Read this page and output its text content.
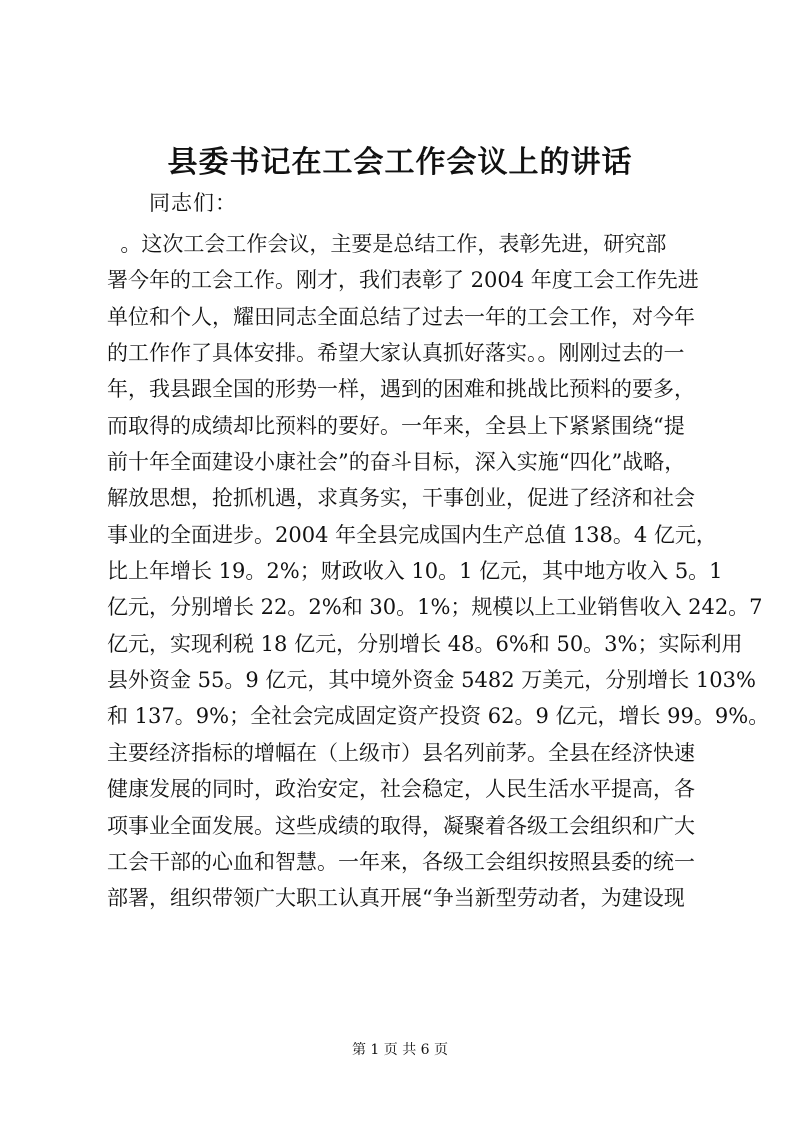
县委书记在工会工作会议上的讲话
同志们：
。这次工会工作会议，主要是总结工作，表彰先进，研究部
署今年的工会工作。刚才，我们表彰了 2004 年度工会工作先进
单位和个人，耀田同志全面总结了过去一年的工会工作，对今年
的工作作了具体安排。希望大家认真抓好落实。。刚刚过去的一
年，我县跟全国的形势一样，遇到的困难和挑战比预料的要多，
而取得的成绩却比预料的要好。一年来，全县上下紧紧围绕“提
前十年全面建设小康社会”的奋斗目标，深入实施“四化”战略，
解放思想，抢抓机遇，求真务实，干事创业，促进了经济和社会
事业的全面进步。2004 年全县完成国内生产总值 138。4 亿元，
比上年增长 19。2%；财政收入 10。1 亿元，其中地方收入 5。1
亿元，分别增长 22。2%和 30。1%；规模以上工业销售收入 242。7
亿元，实现利税 18 亿元，分别增长 48。6%和 50。3%；实际利用
县外资金 55。9 亿元，其中境外资金 5482 万美元，分别增长 103%
和 137。9%；全社会完成固定资产投资 62。9 亿元，增长 99。9%。
主要经济指标的增幅在（上级市）县名列前茅。全县在经济快速
健康发展的同时，政治安定，社会稳定，人民生活水平提高，各
项事业全面发展。这些成绩的取得，凝聚着各级工会组织和广大
工会干部的心血和智慧。一年来，各级工会组织按照县委的统一
部署，组织带领广大职工认真开展“争当新型劳动者，为建设现
第 1 页 共 6 页
